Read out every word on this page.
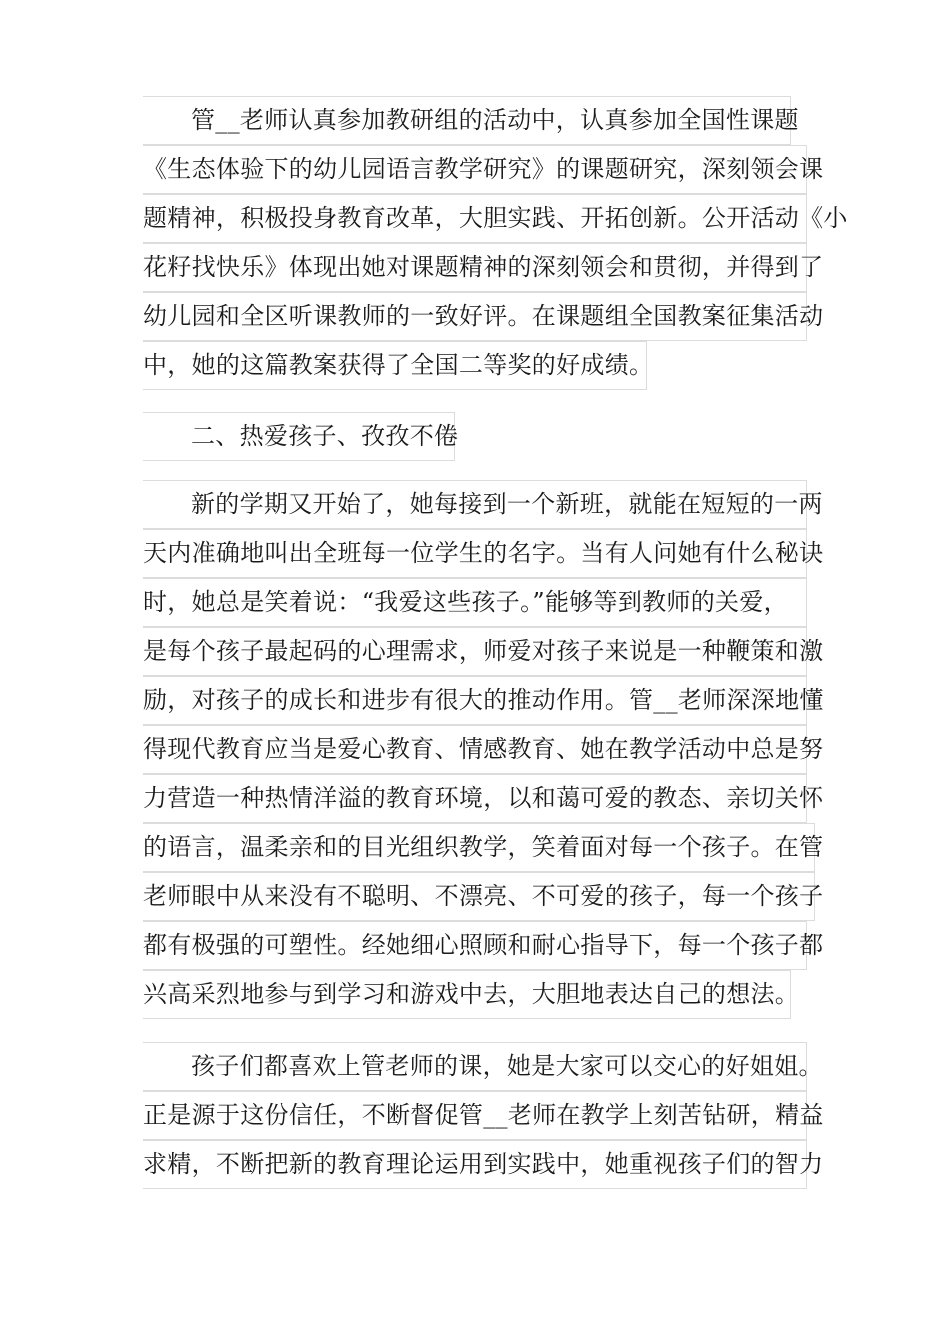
管__老师认真参加教研组的活动中，认真参加全国性课题
《生态体验下的幼儿园语言教学研究》的课题研究，深刻领会课
题精神，积极投身教育改革，大胆实践、开拓创新。公开活动《小
花籽找快乐》体现出她对课题精神的深刻领会和贯彻，并得到了
幼儿园和全区听课教师的一致好评。在课题组全国教案征集活动
中，她的这篇教案获得了全国二等奖的好成绩。
二、热爱孩子、孜孜不倦
新的学期又开始了，她每接到一个新班，就能在短短的一两
天内准确地叫出全班每一位学生的名字。当有人问她有什么秘诀
时，她总是笑着说：“我爱这些孩子。”能够等到教师的关爱，
是每个孩子最起码的心理需求，师爱对孩子来说是一种鞭策和激
励，对孩子的成长和进步有很大的推动作用。管__老师深深地懂
得现代教育应当是爱心教育、情感教育、她在教学活动中总是努
力营造一种热情洋溢的教育环境，以和蔼可爱的教态、亲切关怀
的语言，温柔亲和的目光组织教学，笑着面对每一个孩子。在管
老师眼中从来没有不聪明、不漂亮、不可爱的孩子，每一个孩子
都有极强的可塑性。经她细心照顾和耐心指导下，每一个孩子都
兴高采烈地参与到学习和游戏中去，大胆地表达自己的想法。
孩子们都喜欢上管老师的课，她是大家可以交心的好姐姐。
正是源于这份信任，不断督促管__老师在教学上刻苦钻研，精益
求精，不断把新的教育理论运用到实践中，她重视孩子们的智力
